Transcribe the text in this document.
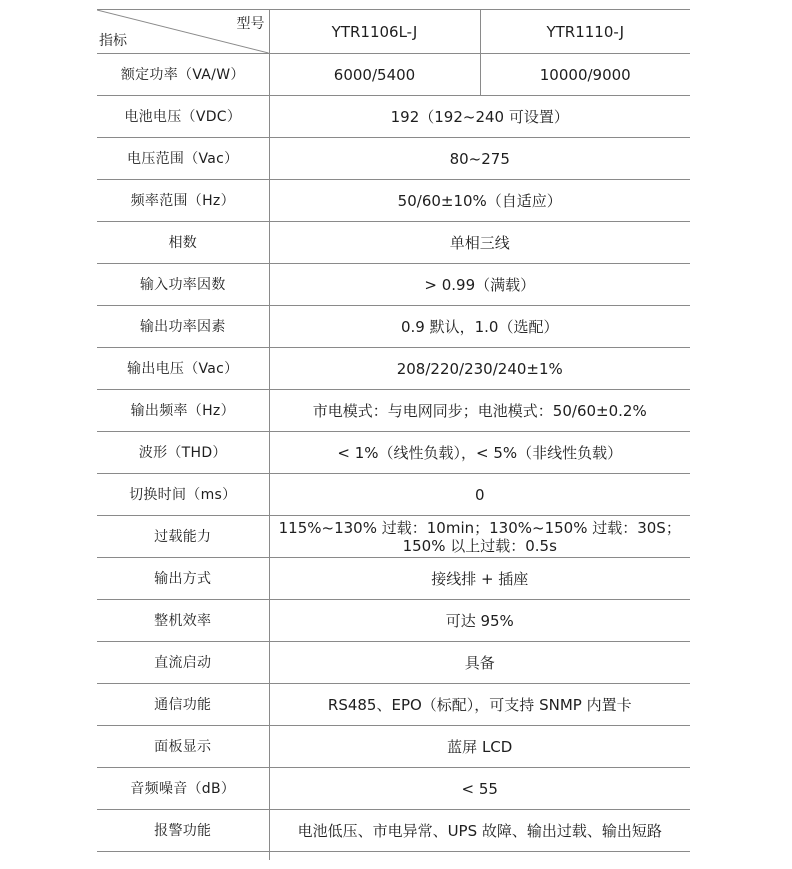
型号
指标	YTR1106L-J	YTR1110-J
额定功率（VA/W）	6000/5400	10000/9000
电池电压（VDC）	192（192~240 可设置）	
电压范围（Vac）	80~275	
频率范围（Hz）	50/60±10%（自适应）	
相数	单相三线	
输入功率因数	> 0.99（满载）	
输出功率因素	0.9 默认，1.0（选配）	
输出电压（Vac）	208/220/230/240±1%	
输出频率（Hz）	市电模式：与电网同步；电池模式：50/60±0.2%	
波形（THD）	< 1%（线性负载），< 5%（非线性负载）	
切换时间（ms）	0	
过载能力	115%~130% 过载：10min；130%~150% 过载：30S；
150% 以上过载：0.5s	

输出方式	接线排 + 插座	
整机效率	可达 95%	
直流启动	具备	
通信功能	RS485、EPO（标配），可支持 SNMP 内置卡	
面板显示	蓝屏 LCD	
音频噪音（dB）	< 55	
报警功能	电池低压、市电异常、UPS 故障、输出过载、输出短路	
